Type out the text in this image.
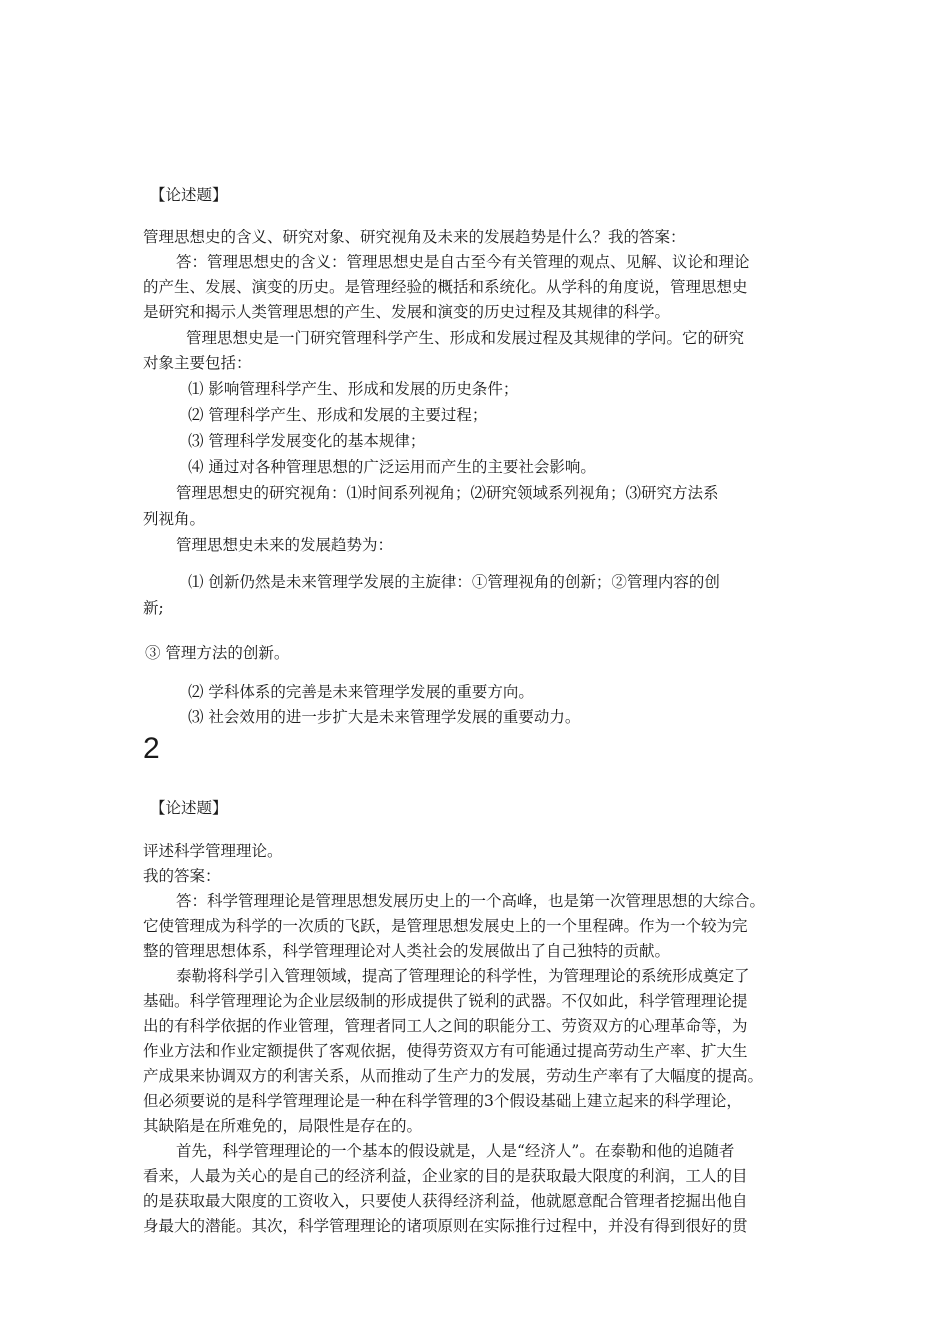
【论述题】
管理思想史的含义、研究对象、研究视角及未来的发展趋势是什么？我的答案：
答：管理思想史的含义：管理思想史是自古至今有关管理的观点、见解、议论和理论
的产生、发展、演变的历史。是管理经验的概括和系统化。从学科的角度说，管理思想史
是研究和揭示人类管理思想的产生、发展和演变的历史过程及其规律的科学。
管理思想史是一门研究管理科学产生、形成和发展过程及其规律的学问。它的研究
对象主要包括：
⑴ 影响管理科学产生、形成和发展的历史条件；
⑵ 管理科学产生、形成和发展的主要过程；
⑶ 管理科学发展变化的基本规律；
⑷ 通过对各种管理思想的广泛运用而产生的主要社会影响。
管理思想史的研究视角：⑴时间系列视角；⑵研究领域系列视角；⑶研究方法系
列视角。
管理思想史未来的发展趋势为：
⑴ 创新仍然是未来管理学发展的主旋律：①管理视角的创新；②管理内容的创
新;
③ 管理方法的创新。
⑵ 学科体系的完善是未来管理学发展的重要方向。
⑶ 社会效用的进一步扩大是未来管理学发展的重要动力。
2
【论述题】
评述科学管理理论。
我的答案：
答：科学管理理论是管理思想发展历史上的一个高峰，也是第一次管理思想的大综合。
它使管理成为科学的一次质的飞跃，是管理思想发展史上的一个里程碑。作为一个较为完
整的管理思想体系，科学管理理论对人类社会的发展做出了自己独特的贡献。
泰勒将科学引入管理领域，提高了管理理论的科学性，为管理理论的系统形成奠定了
基础。科学管理理论为企业层级制的形成提供了锐利的武器。不仅如此，科学管理理论提
出的有科学依据的作业管理，管理者同工人之间的职能分工、劳资双方的心理革命等，为
作业方法和作业定额提供了客观依据，使得劳资双方有可能通过提高劳动生产率、扩大生
产成果来协调双方的利害关系，从而推动了生产力的发展，劳动生产率有了大幅度的提高。
但必须要说的是科学管理理论是一种在科学管理的3个假设基础上建立起来的科学理论，
其缺陷是在所难免的，局限性是存在的。
首先，科学管理理论的一个基本的假设就是，人是“经济人”。在泰勒和他的追随者
看来，人最为关心的是自己的经济利益，企业家的目的是获取最大限度的利润，工人的目
的是获取最大限度的工资收入，只要使人获得经济利益，他就愿意配合管理者挖掘出他自
身最大的潜能。其次，科学管理理论的诸项原则在实际推行过程中，并没有得到很好的贯
